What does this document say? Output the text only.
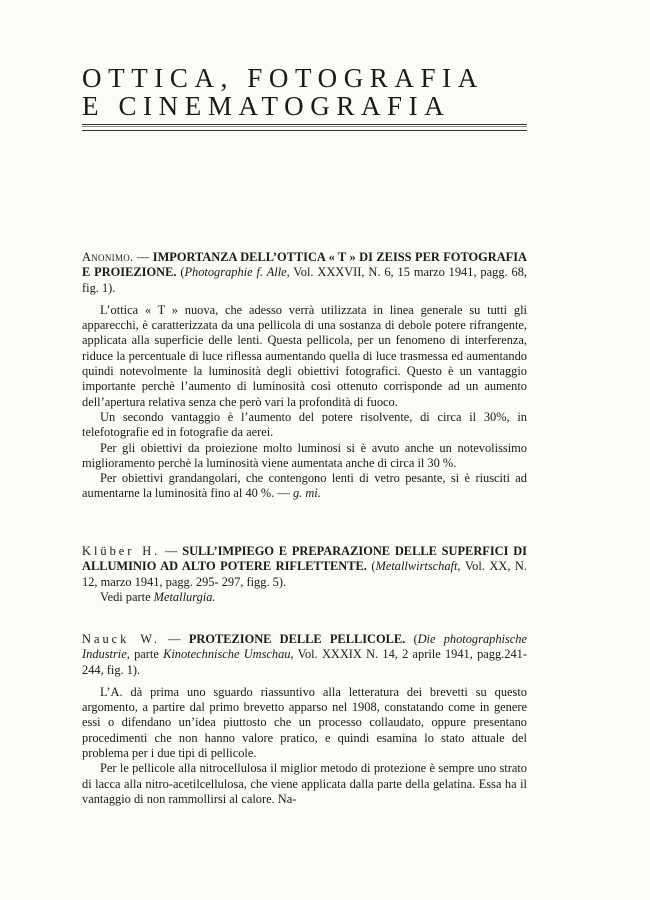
OTTICA, FOTOGRAFIA
E CINEMATOGRAFIA

Anonimo. — IMPORTANZA DELL’OTTICA « T » DI ZEISS PER FOTOGRAFIA E PROIEZIONE. (Photographie f. Alle, Vol. XXXVII, N. 6, 15 marzo 1941, pagg. 68, fig. 1).

L’ottica « T » nuova, che adesso verrà utilizzata in linea generale su tutti gli apparecchi, è caratterizzata da una pellicola di una sostanza di debole potere rifrangente, applicata alla superficie delle lenti. Questa pellicola, per un fenomeno di interferenza, riduce la percentuale di luce riflessa aumentando quella di luce trasmessa ed aumentando quindi notevolmente la luminosità degli obiettivi fotografici. Questo è un vantaggio importante perchè l’aumento di luminosità così ottenuto corrisponde ad un aumento dell’apertura relativa senza che però vari la profondità di fuoco.

Un secondo vantaggio è l’aumento del potere risolvente, di circa il 30%, in telefotografie ed in fotografie da aerei.

Per gli obiettivi da proiezione molto luminosi si è avuto anche un notevolissimo miglioramento perchè la luminosità viene aumentata anche di circa il 30 %.

Per obiettivi grandangolari, che contengono lenti di vetro pesante, si è riusciti ad aumentarne la luminosità fino al 40 %. — g. mi.

Klüber H. — SULL’IMPIEGO E PREPARAZIONE DELLE SUPERFICI DI ALLUMINIO AD ALTO POTERE RIFLETTENTE. (Metallwirtschaft, Vol. XX, N. 12, marzo 1941, pagg. 295- 297, figg. 5).

Vedi parte Metallurgia.

Nauck W. — PROTEZIONE DELLE PELLICOLE. (Die photographische Industrie, parte Kinotechnische Umschau, Vol. XXXIX N. 14, 2 aprile 1941, pagg.241-244, fig. 1).

L’A. dà prima uno sguardo riassuntivo alla letteratura dei brevetti su questo argomento, a partire dal primo brevetto apparso nel 1908, constatando come in genere essi o difendano un’idea piuttosto che un processo collaudato, oppure presentano procedimenti che non hanno valore pratico, e quindi esamina lo stato attuale del problema per i due tipi di pellicole.

Per le pellicole alla nitrocellulosa il miglior metodo di protezione è sempre uno strato di lacca alla nitro-acetilcellulosa, che viene applicata dalla parte della gelatina. Essa ha il vantaggio di non rammollirsi al calore. Na-
